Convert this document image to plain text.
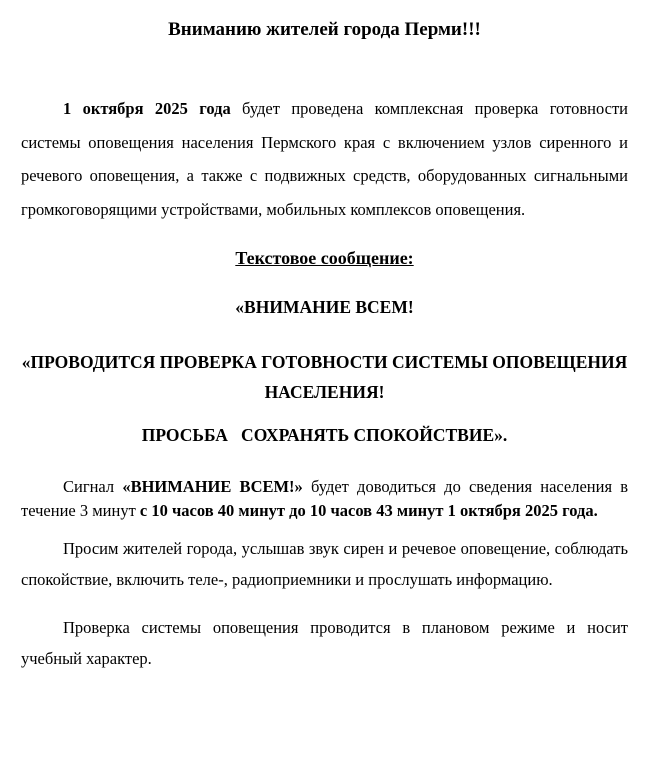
Вниманию жителей города Перми!!!

1 октября 2025 года будет проведена комплексная проверка готовности системы оповещения населения Пермского края с включением узлов сиренного и речевого оповещения, а также с подвижных средств, оборудованных сигнальными громкоговорящими устройствами, мобильных комплексов оповещения.

Текстовое сообщение:
«ВНИМАНИЕ ВСЕМ!
«ПРОВОДИТСЯ ПРОВЕРКА ГОТОВНОСТИ СИСТЕМЫ ОПОВЕЩЕНИЯ НАСЕЛЕНИЯ!
ПРОСЬБА   СОХРАНЯТЬ СПОКОЙСТВИЕ».

Сигнал «ВНИМАНИЕ ВСЕМ!» будет доводиться до сведения населения в течение 3 минут с 10 часов 40 минут до 10 часов 43 минут 1 октября 2025 года.

Просим жителей города, услышав звук сирен и речевое оповещение, соблюдать спокойствие, включить теле-, радиоприемники и прослушать информацию.

Проверка системы оповещения проводится в плановом режиме и носит учебный характер.
